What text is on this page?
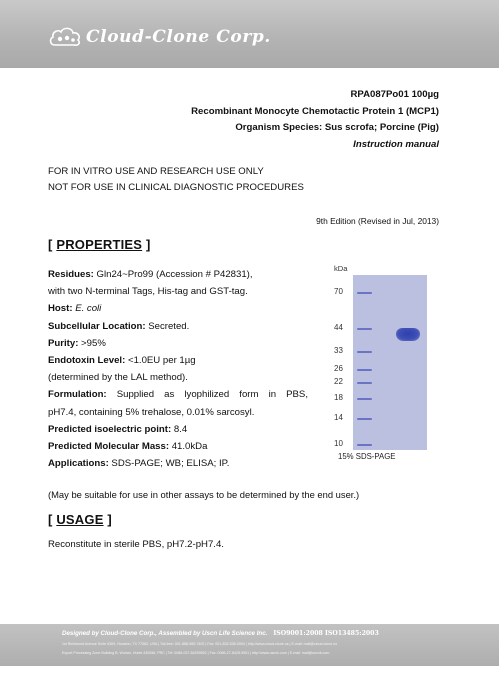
Cloud-Clone Corp.
RPA087Po01 100µg
Recombinant Monocyte Chemotactic Protein 1 (MCP1)
Organism Species: Sus scrofa; Porcine (Pig)
Instruction manual
FOR IN VITRO USE AND RESEARCH USE ONLY
NOT FOR USE IN CLINICAL DIAGNOSTIC PROCEDURES
9th Edition (Revised in Jul, 2013)
[ PROPERTIES ]
Residues: Gln24~Pro99 (Accession # P42831),
with two N-terminal Tags, His-tag and GST-tag.
Host: E. coli
Subcellular Location: Secreted.
Purity: >95%
Endotoxin Level: <1.0EU per 1µg
(determined by the LAL method).
Formulation: Supplied as lyophilized form in PBS,
pH7.4, containing 5% trehalose, 0.01% sarcosyl.
Predicted isoelectric point: 8.4
Predicted Molecular Mass: 41.0kDa
Applications: SDS-PAGE; WB; ELISA; IP.
(May be suitable for use in other assays to be determined by the end user.)
kDa
15% SDS-PAGE
70
44
33
26
22
18
14
10
[ USAGE ]
Reconstitute in sterile PBS, pH7.2-pH7.4.
Designed by Cloud-Clone Corp., Assembled by Uscn Life Science Inc. ISO9001:2008 ISO13485:2003
1st Richmond Avenue Suite #309, Houston, TX 77082, USA | Toll-free: 001-888-960-7402 | Fax: 001-832-538-0904 | http://www.cloud-clone.us | E-mail: mail@cloud-clone.us
Export Processing Zone Building B, Wuhan, Hubei 430056, PRC | Tel: 0086-027-84259552 | Fax: 0086-27-8425-9551 | http://www.uscnk.com | E-mail: mail@uscnk.com
